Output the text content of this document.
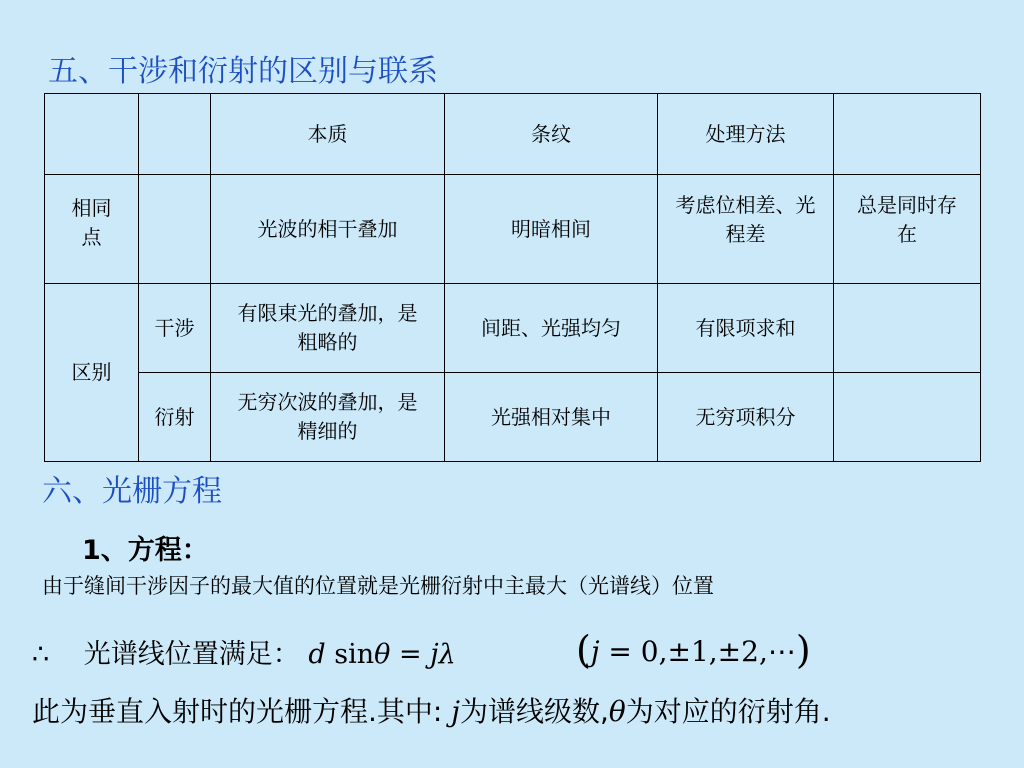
五、干涉和衍射的区别与联系
		本质	条纹	处理方法	
相同点		光波的相干叠加	明暗相间	考虑位相差、光程差	总是同时存在
区别	干涉	有限束光的叠加，是粗略的	间距、光强均匀	有限项求和	
	衍射	无穷次波的叠加，是精细的	光强相对集中	无穷项积分	
六、光栅方程
1、方程：
由于缝间干涉因子的最大值的位置就是光栅衍射中主最大（光谱线）位置
∴ 光谱线位置满足： d sinθ = jλ	(j = 0,±1,±2,⋯)
此为垂直入射时的光栅方程.其中: j为谱线级数,θ为对应的衍射角.
